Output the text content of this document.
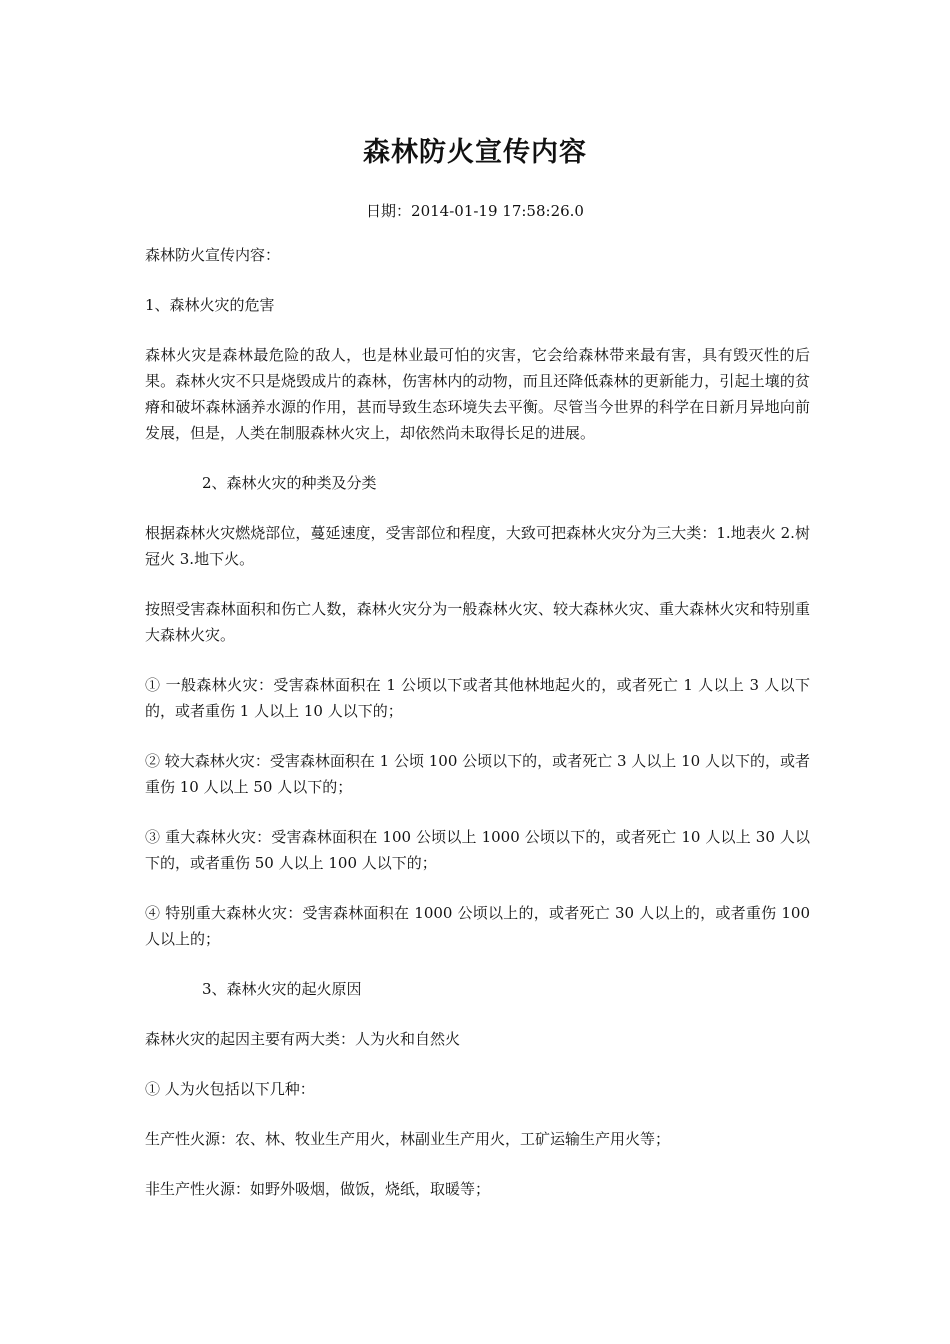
森林防火宣传内容

日期：2014-01-19 17:58:26.0

森林防火宣传内容：

1、森林火灾的危害

森林火灾是森林最危险的敌人，也是林业最可怕的灾害，它会给森林带来最有害，具有毁灭性的后果。森林火灾不只是烧毁成片的森林，伤害林内的动物，而且还降低森林的更新能力，引起土壤的贫瘠和破坏森林涵养水源的作用，甚而导致生态环境失去平衡。尽管当今世界的科学在日新月异地向前发展，但是，人类在制服森林火灾上，却依然尚未取得长足的进展。

2、森林火灾的种类及分类

根据森林火灾燃烧部位，蔓延速度，受害部位和程度，大致可把森林火灾分为三大类：1.地表火 2.树冠火 3.地下火。

按照受害森林面积和伤亡人数，森林火灾分为一般森林火灾、较大森林火灾、重大森林火灾和特别重大森林火灾。

① 一般森林火灾：受害森林面积在 1 公顷以下或者其他林地起火的，或者死亡 1 人以上 3 人以下的，或者重伤 1 人以上 10 人以下的；

② 较大森林火灾：受害森林面积在 1 公顷 100 公顷以下的，或者死亡 3 人以上 10 人以下的，或者重伤 10 人以上 50 人以下的；

③ 重大森林火灾：受害森林面积在 100 公顷以上 1000 公顷以下的，或者死亡 10 人以上 30 人以下的，或者重伤 50 人以上 100 人以下的；

④ 特别重大森林火灾：受害森林面积在 1000 公顷以上的，或者死亡 30 人以上的，或者重伤 100 人以上的；

3、森林火灾的起火原因

森林火灾的起因主要有两大类：人为火和自然火

① 人为火包括以下几种：

生产性火源：农、林、牧业生产用火，林副业生产用火，工矿运输生产用火等；

非生产性火源：如野外吸烟，做饭，烧纸，取暖等；
